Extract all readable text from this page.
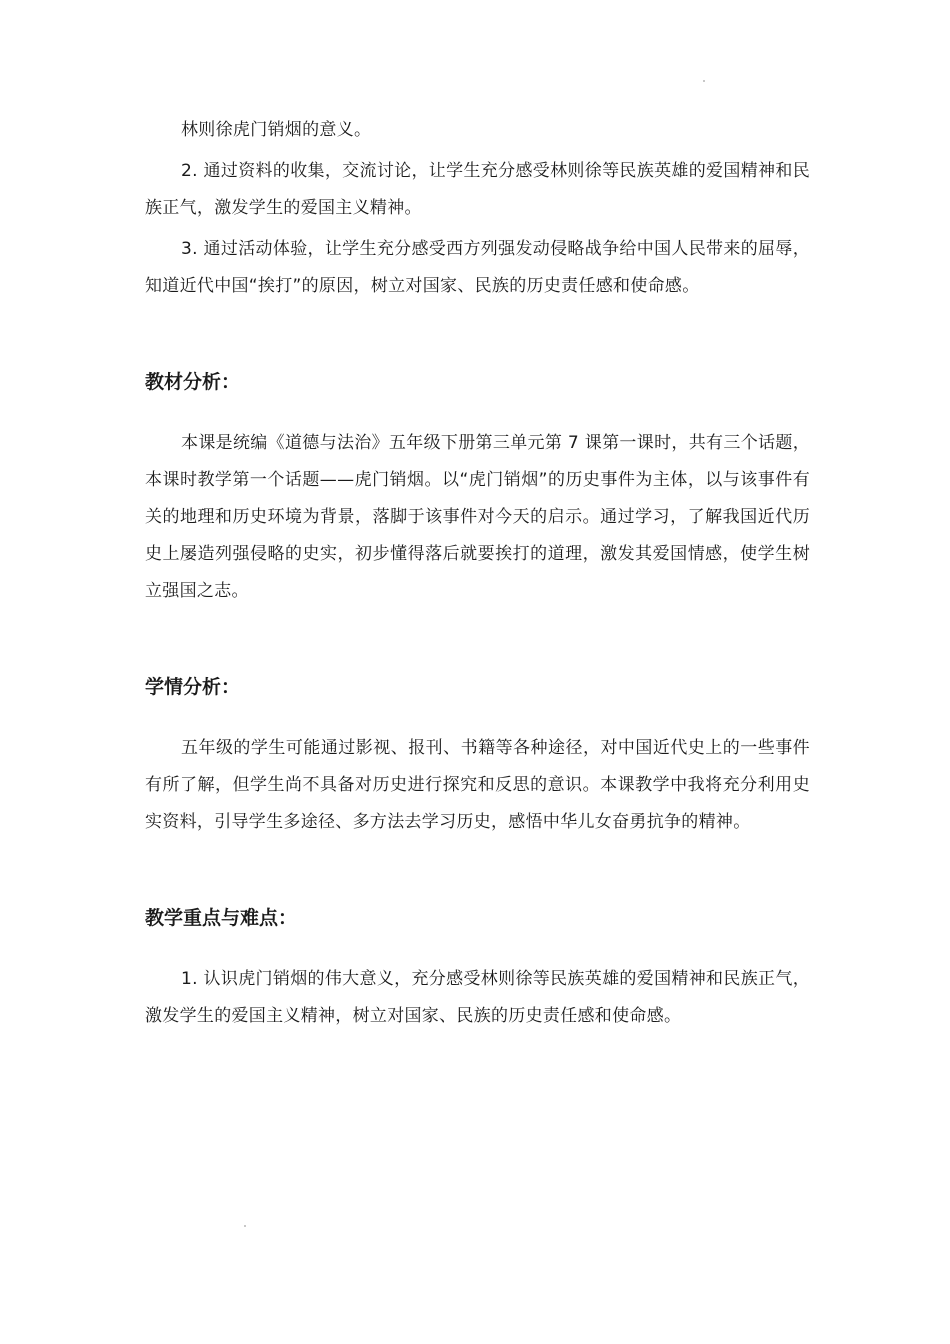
林则徐虎门销烟的意义。

2. 通过资料的收集，交流讨论，让学生充分感受林则徐等民族英雄的爱国精神和民族正气，激发学生的爱国主义精神。

3. 通过活动体验，让学生充分感受西方列强发动侵略战争给中国人民带来的屈辱，知道近代中国“挨打”的原因，树立对国家、民族的历史责任感和使命感。

教材分析：

本课是统编《道德与法治》五年级下册第三单元第 7 课第一课时，共有三个话题，本课时教学第一个话题——虎门销烟。以“虎门销烟”的历史事件为主体，以与该事件有关的地理和历史环境为背景，落脚于该事件对今天的启示。通过学习，了解我国近代历史上屡造列强侵略的史实，初步懂得落后就要挨打的道理，激发其爱国情感，使学生树立强国之志。

学情分析：

五年级的学生可能通过影视、报刊、书籍等各种途径，对中国近代史上的一些事件有所了解，但学生尚不具备对历史进行探究和反思的意识。本课教学中我将充分利用史实资料，引导学生多途径、多方法去学习历史，感悟中华儿女奋勇抗争的精神。

教学重点与难点：

1. 认识虎门销烟的伟大意义，充分感受林则徐等民族英雄的爱国精神和民族正气，激发学生的爱国主义精神，树立对国家、民族的历史责任感和使命感。
